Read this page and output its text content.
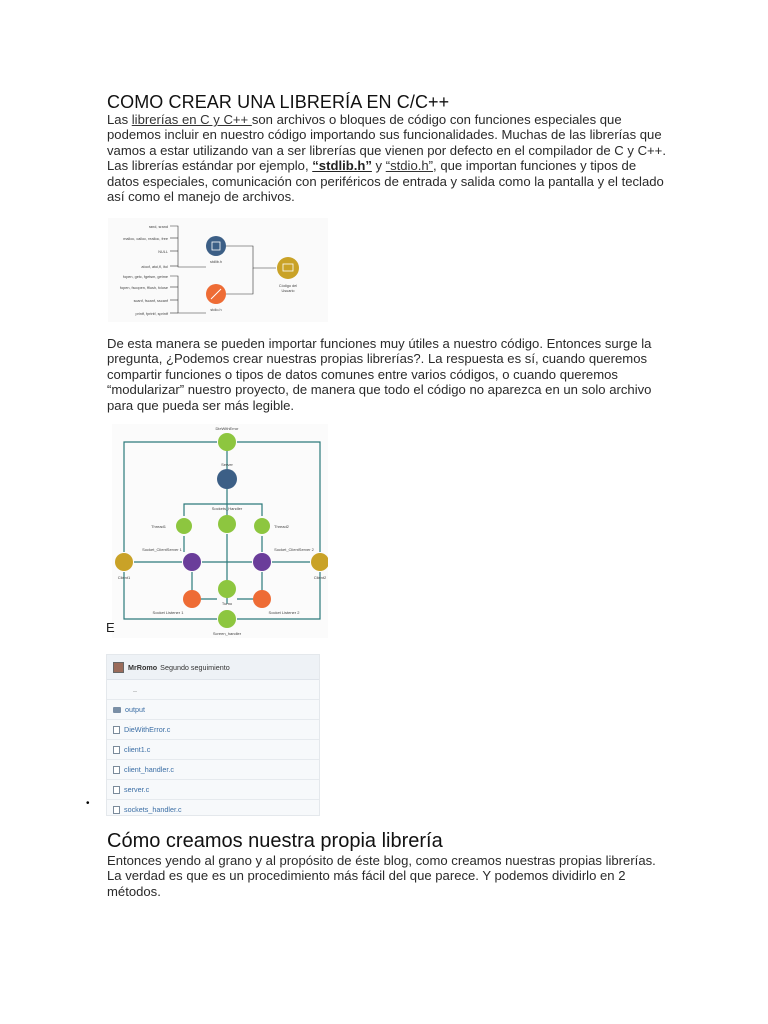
COMO CREAR UNA LIBRERÍA EN C/C++
Las librerías en C y C++ son archivos o bloques de código con funciones especiales que podemos incluir en nuestro código importando sus funcionalidades. Muchas de las librerías que vamos a estar utilizando van a ser librerías que vienen por defecto en el compilador de C y C++. Las librerías estándar por ejemplo, “stdlib.h” y “stdio.h”, que importan funciones y tipos de datos especiales, comunicación con periféricos de entrada y salida como la pantalla y el teclado así como el manejo de archivos.
rand, srand
malloc, calloc, realloc, free
NULL
atoof, atoi,fl, itol
fopen, getc, fgetsm, getme
fopen, fscopen, fflush, fclose
scanf, fscanf, sscanf
printf, fprintf, sprintf
stdlib.h
stdio.h
Código del
Usuario
De esta manera se pueden importar funciones muy útiles a nuestro código. Entonces surge la pregunta, ¿Podemos crear nuestras propias librerías?. La respuesta es sí, cuando queremos compartir funciones o tipos de datos comunes entre varios códigos, o cuando queremos “modularizar” nuestro proyecto, de manera que todo el código no aparezca en un solo archivo para que pueda ser más legible.
DieWithError
Server
Sockets_Handler
Thread1	Thread2
Client1	Client2
Socket_ClientServer 1	Socket_ClientServer 2
Socket Listener 1	Socket Listener 2
Turno
Screen_handler
E
MrRomo Segundo seguimiento
..
output
DieWithError.c
client1.c
client_handler.c
server.c
sockets_handler.c
•
Cómo creamos nuestra propia librería
Entonces yendo al grano y al propósito de éste blog, como creamos nuestras propias librerías. La verdad es que es un procedimiento más fácil del que parece. Y podemos dividirlo en 2 métodos.
